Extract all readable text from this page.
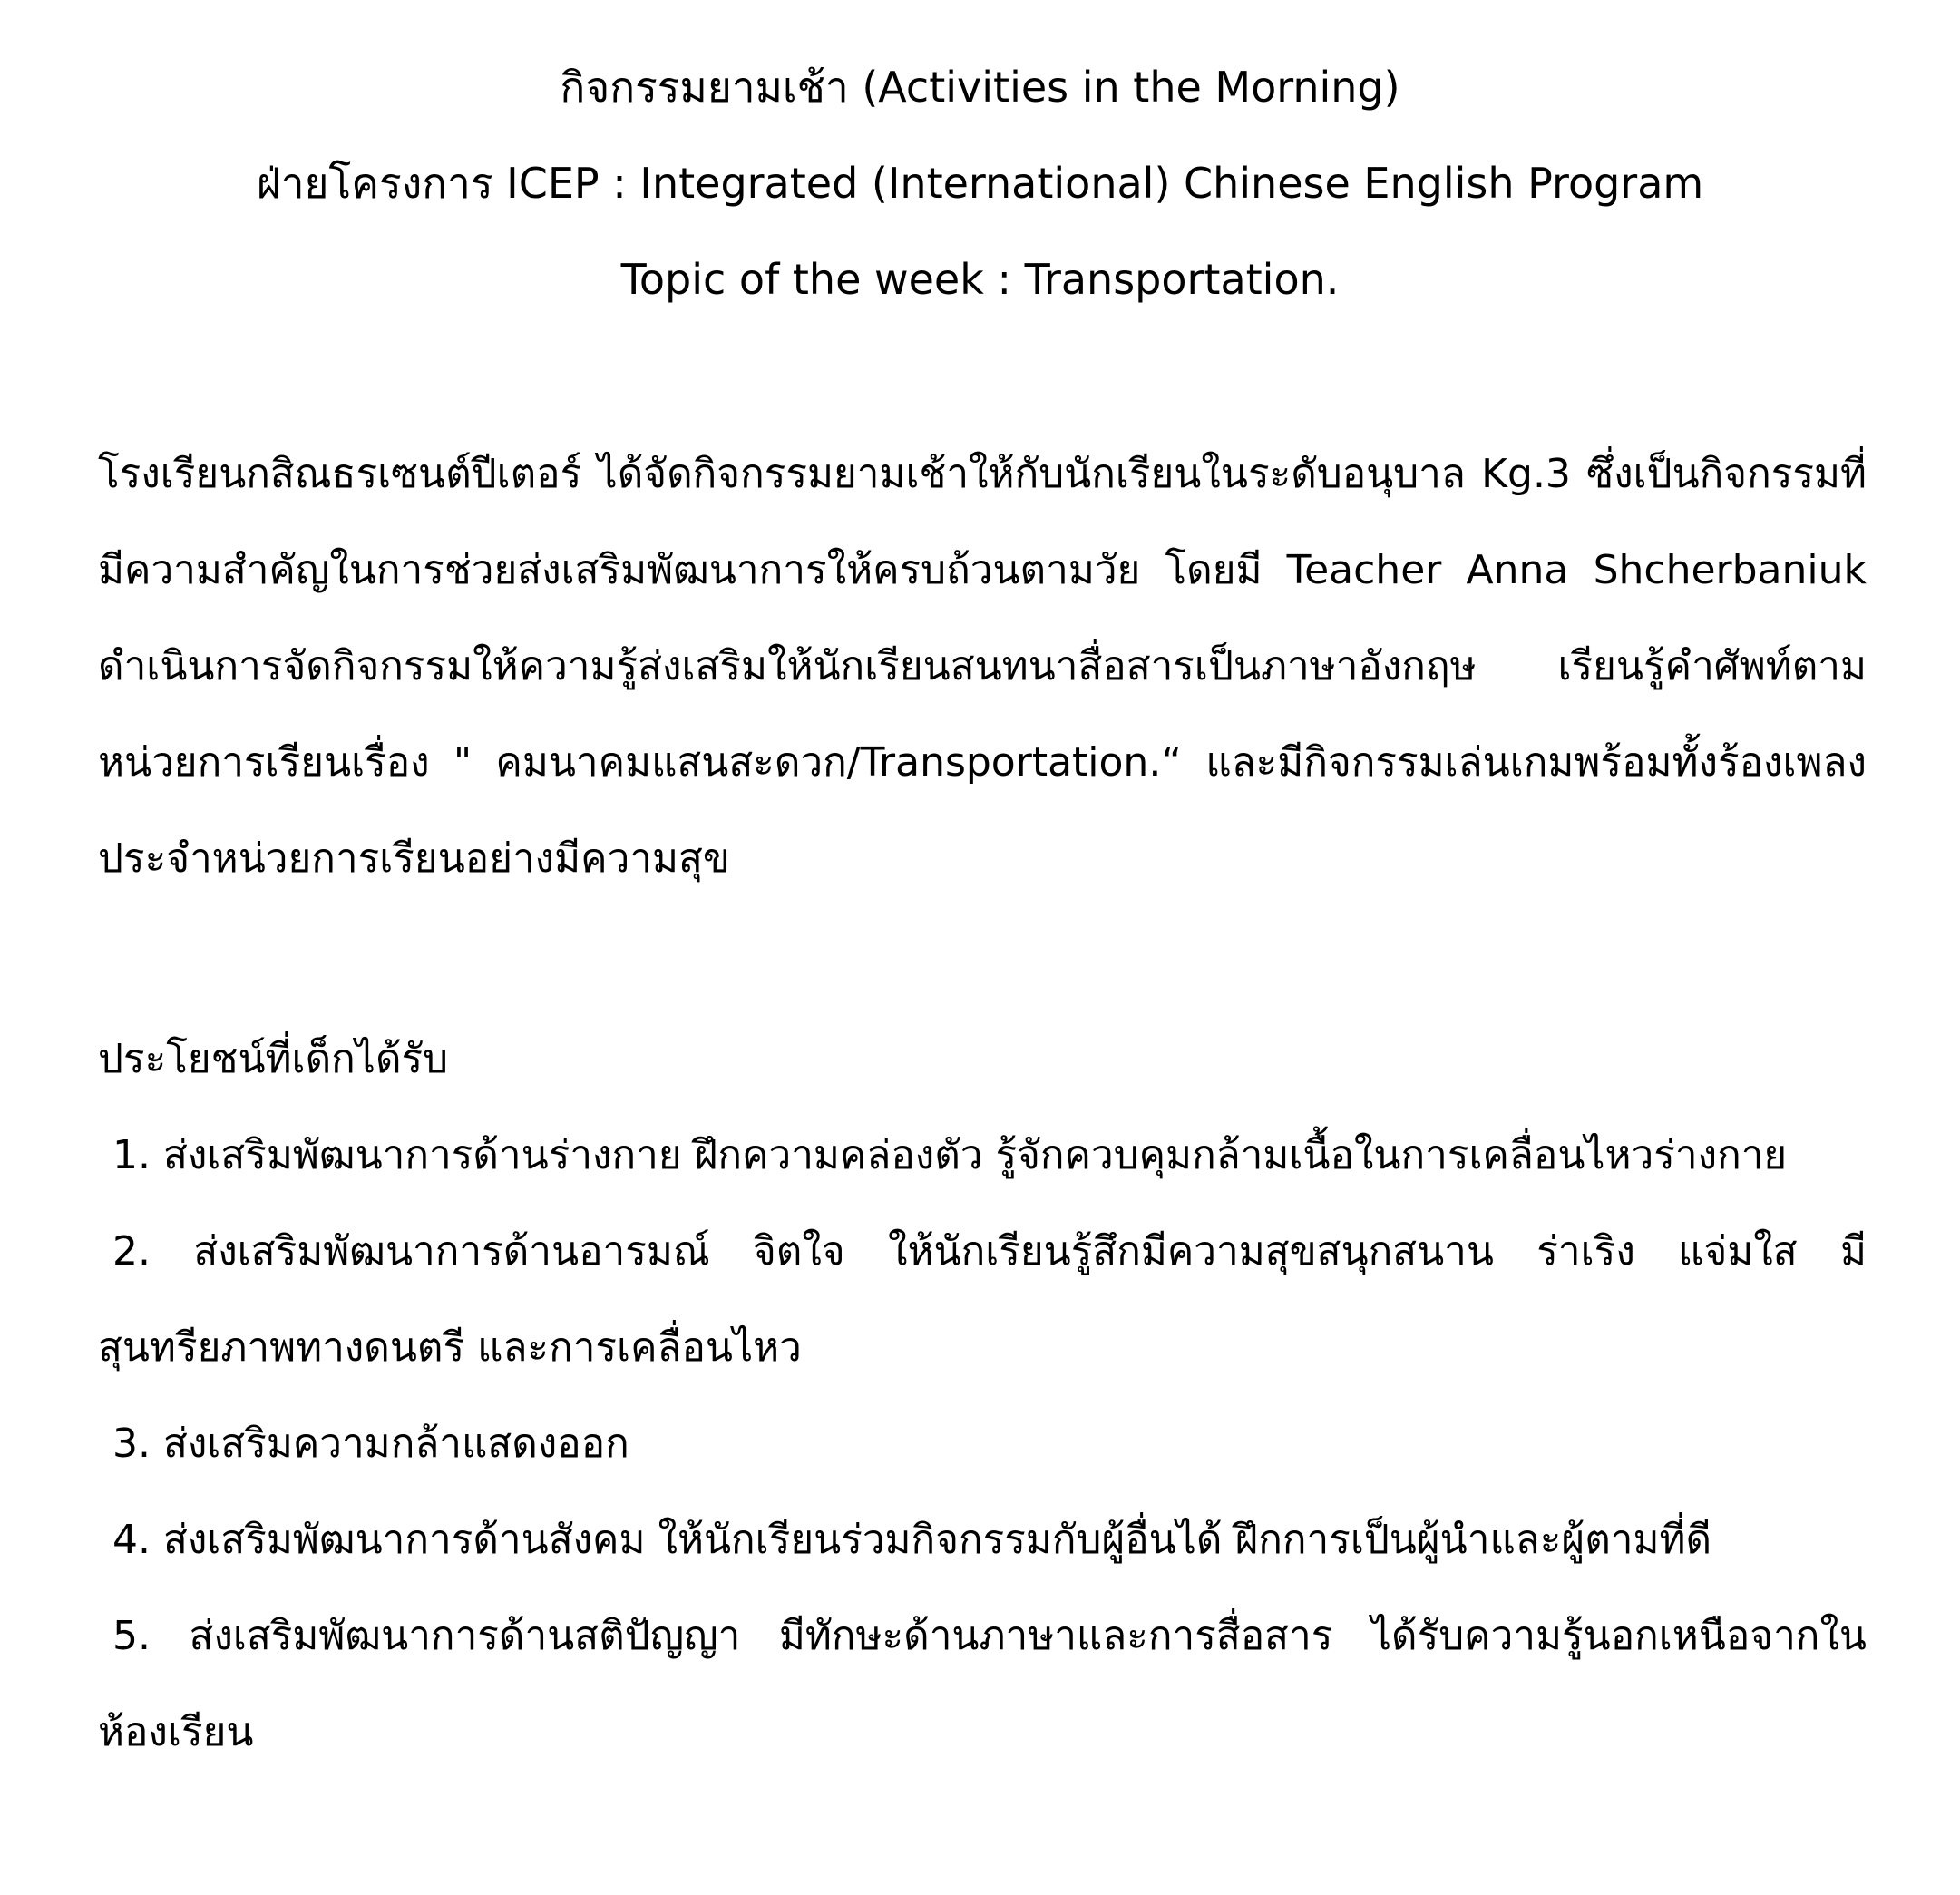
กิจกรรมยามเช้า (Activities in the Morning)
ฝ่ายโครงการ ICEP : Integrated (International) Chinese English Program
Topic of the week : Transportation.
โรงเรียนกสิณธรเซนต์ปีเตอร์ ได้จัดกิจกรรมยามเช้าให้กับนักเรียนในระดับอนุบาล Kg.3 ซึ่งเป็นกิจกรรมที่มีความสำคัญในการช่วยส่งเสริมพัฒนาการให้ครบถ้วนตามวัย โดยมี Teacher Anna Shcherbaniuk ดำเนินการจัดกิจกรรมให้ความรู้ส่งเสริมให้นักเรียนสนทนาสื่อสารเป็นภาษาอังกฤษ เรียนรู้คำศัพท์ตามหน่วยการเรียนเรื่อง " คมนาคมแสนสะดวก/Transportation.“ และมีกิจกรรมเล่นเกมพร้อมทั้งร้องเพลงประจำหน่วยการเรียนอย่างมีความสุข
ประโยชน์ที่เด็กได้รับ
1. ส่งเสริมพัฒนาการด้านร่างกาย ฝึกความคล่องตัว รู้จักควบคุมกล้ามเนื้อในการเคลื่อนไหวร่างกาย
2. ส่งเสริมพัฒนาการด้านอารมณ์ จิตใจ ให้นักเรียนรู้สึกมีความสุขสนุกสนาน ร่าเริง แจ่มใส มีสุนทรียภาพทางดนตรี และการเคลื่อนไหว
3. ส่งเสริมความกล้าแสดงออก
4. ส่งเสริมพัฒนาการด้านสังคม ให้นักเรียนร่วมกิจกรรมกับผู้อื่นได้ ฝึกการเป็นผู้นำและผู้ตามที่ดี
5. ส่งเสริมพัฒนาการด้านสติปัญญา มีทักษะด้านภาษาและการสื่อสาร ได้รับความรู้นอกเหนือจากในห้องเรียน
